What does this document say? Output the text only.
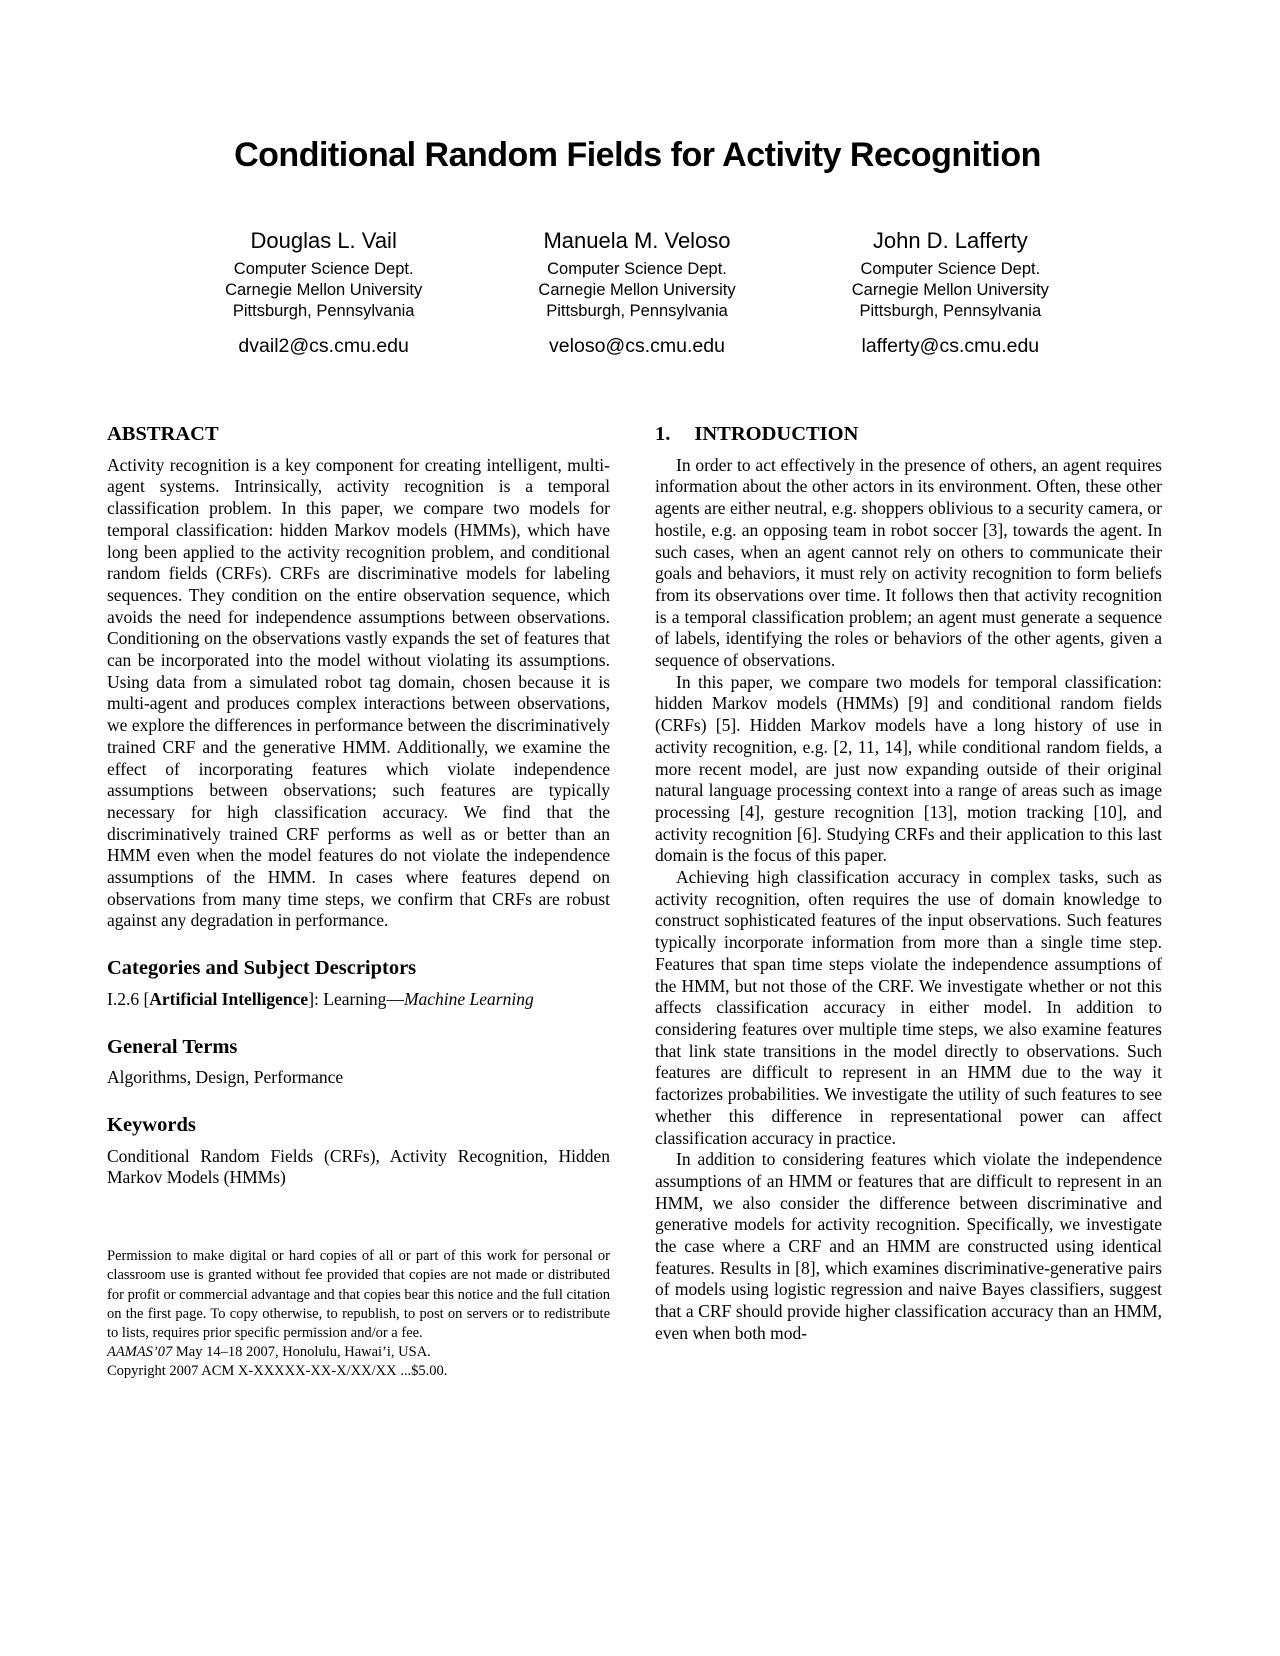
Conditional Random Fields for Activity Recognition

Douglas L. Vail

Computer Science Dept.

Carnegie Mellon University

Pittsburgh, Pennsylvania

dvail2@cs.cmu.edu

Manuela M. Veloso

Computer Science Dept.

Carnegie Mellon University

Pittsburgh, Pennsylvania

veloso@cs.cmu.edu

John D. Lafferty

Computer Science Dept.

Carnegie Mellon University

Pittsburgh, Pennsylvania

lafferty@cs.cmu.edu

ABSTRACT

Activity recognition is a key component for creating intelligent, multi-agent systems. Intrinsically, activity recognition is a temporal classification problem. In this paper, we compare two models for temporal classification: hidden Markov models (HMMs), which have long been applied to the activity recognition problem, and conditional random fields (CRFs). CRFs are discriminative models for labeling sequences. They condition on the entire observation sequence, which avoids the need for independence assumptions between observations. Conditioning on the observations vastly expands the set of features that can be incorporated into the model without violating its assumptions. Using data from a simulated robot tag domain, chosen because it is multi-agent and produces complex interactions between observations, we explore the differences in performance between the discriminatively trained CRF and the generative HMM. Additionally, we examine the effect of incorporating features which violate independence assumptions between observations; such features are typically necessary for high classification accuracy. We find that the discriminatively trained CRF performs as well as or better than an HMM even when the model features do not violate the independence assumptions of the HMM. In cases where features depend on observations from many time steps, we confirm that CRFs are robust against any degradation in performance.

Categories and Subject Descriptors

I.2.6 [Artificial Intelligence]: Learning—Machine Learning

General Terms

Algorithms, Design, Performance

Keywords

Conditional Random Fields (CRFs), Activity Recognition, Hidden Markov Models (HMMs)

Permission to make digital or hard copies of all or part of this work for personal or classroom use is granted without fee provided that copies are not made or distributed for profit or commercial advantage and that copies bear this notice and the full citation on the first page. To copy otherwise, to republish, to post on servers or to redistribute to lists, requires prior specific permission and/or a fee.

AAMAS’07 May 14–18 2007, Honolulu, Hawai’i, USA.

Copyright 2007 ACM X-XXXXX-XX-X/XX/XX ...$5.00.

1. INTRODUCTION

In order to act effectively in the presence of others, an agent requires information about the other actors in its environment. Often, these other agents are either neutral, e.g. shoppers oblivious to a security camera, or hostile, e.g. an opposing team in robot soccer [3], towards the agent. In such cases, when an agent cannot rely on others to communicate their goals and behaviors, it must rely on activity recognition to form beliefs from its observations over time. It follows then that activity recognition is a temporal classification problem; an agent must generate a sequence of labels, identifying the roles or behaviors of the other agents, given a sequence of observations.

In this paper, we compare two models for temporal classification: hidden Markov models (HMMs) [9] and conditional random fields (CRFs) [5]. Hidden Markov models have a long history of use in activity recognition, e.g. [2, 11, 14], while conditional random fields, a more recent model, are just now expanding outside of their original natural language processing context into a range of areas such as image processing [4], gesture recognition [13], motion tracking [10], and activity recognition [6]. Studying CRFs and their application to this last domain is the focus of this paper.

Achieving high classification accuracy in complex tasks, such as activity recognition, often requires the use of domain knowledge to construct sophisticated features of the input observations. Such features typically incorporate information from more than a single time step. Features that span time steps violate the independence assumptions of the HMM, but not those of the CRF. We investigate whether or not this affects classification accuracy in either model. In addition to considering features over multiple time steps, we also examine features that link state transitions in the model directly to observations. Such features are difficult to represent in an HMM due to the way it factorizes probabilities. We investigate the utility of such features to see whether this difference in representational power can affect classification accuracy in practice.

In addition to considering features which violate the independence assumptions of an HMM or features that are difficult to represent in an HMM, we also consider the difference between discriminative and generative models for activity recognition. Specifically, we investigate the case where a CRF and an HMM are constructed using identical features. Results in [8], which examines discriminative-generative pairs of models using logistic regression and naive Bayes classifiers, suggest that a CRF should provide higher classification accuracy than an HMM, even when both mod-
